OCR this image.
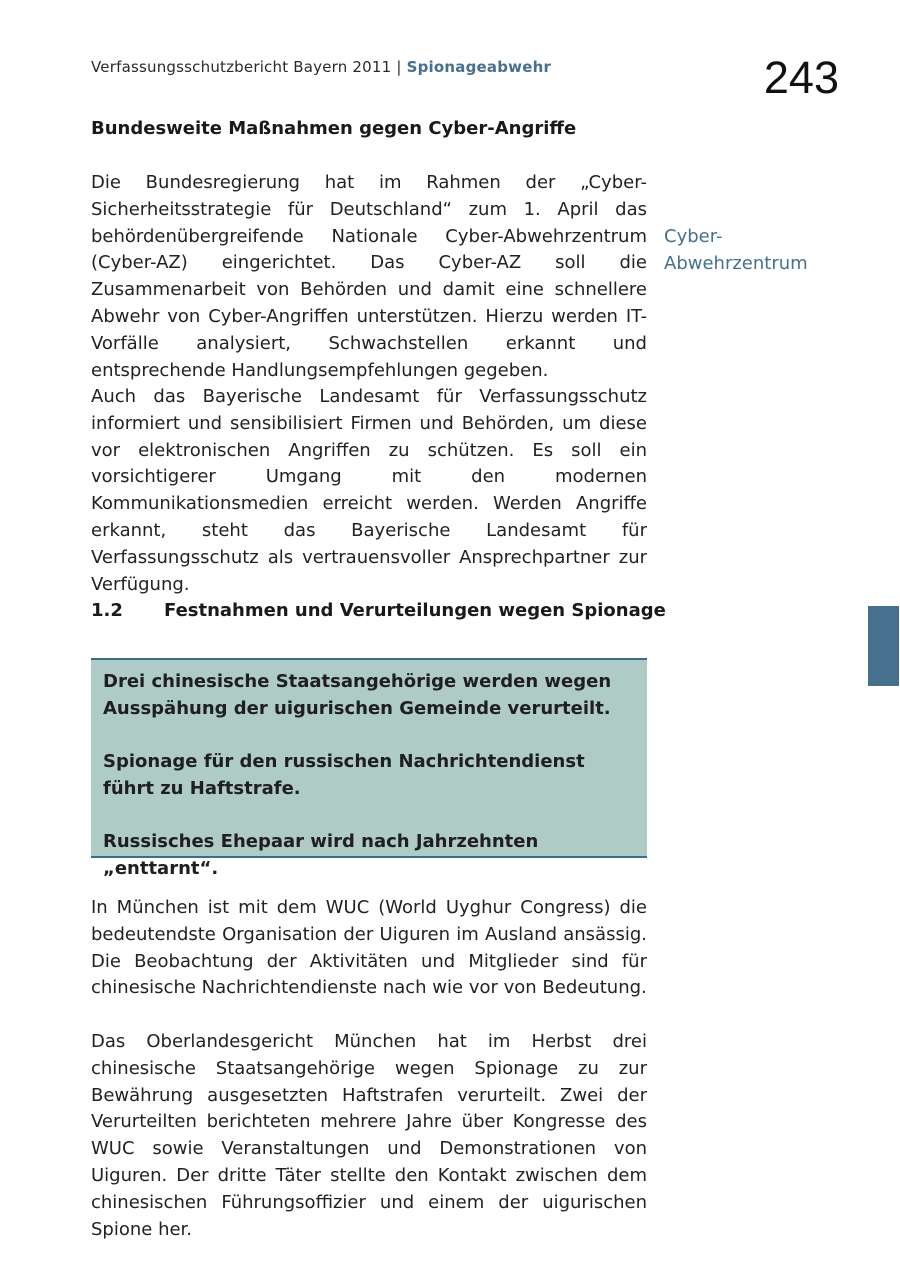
Verfassungsschutzbericht Bayern 2011 | Spionageabwehr	243
Bundesweite Maßnahmen gegen Cyber-Angriffe

Die Bundesregierung hat im Rahmen der „Cyber-Sicherheitsstrategie für Deutschland“ zum 1. April das behördenübergreifende Nationale Cyber-Abwehrzentrum (Cyber-AZ) eingerichtet. Das Cyber-AZ soll die Zusammenarbeit von Behörden und damit eine schnellere Abwehr von Cyber-Angriffen unterstützen. Hierzu werden IT-Vorfälle analysiert, Schwachstellen erkannt und entsprechende Handlungsempfehlungen gegeben.

Cyber-Abwehrzentrum

Auch das Bayerische Landesamt für Verfassungsschutz informiert und sensibilisiert Firmen und Behörden, um diese vor elektronischen Angriffen zu schützen. Es soll ein vorsichtigerer Umgang mit den modernen Kommunikationsmedien erreicht werden. Werden Angriffe erkannt, steht das Bayerische Landesamt für Verfassungsschutz als vertrauensvoller Ansprechpartner zur Verfügung.

1.2 Festnahmen und Verurteilungen wegen Spionage

Drei chinesische Staatsangehörige werden wegen Ausspähung der uigurischen Gemeinde verurteilt.

Spionage für den russischen Nachrichtendienst führt zu Haftstrafe.

Russisches Ehepaar wird nach Jahrzehnten „enttarnt“.

In München ist mit dem WUC (World Uyghur Congress) die bedeutendste Organisation der Uiguren im Ausland ansässig. Die Beobachtung der Aktivitäten und Mitglieder sind für chinesische Nachrichtendienste nach wie vor von Bedeutung.

Das Oberlandesgericht München hat im Herbst drei chinesische Staatsangehörige wegen Spionage zu zur Bewährung ausgesetzten Haftstrafen verurteilt. Zwei der Verurteilten berichteten mehrere Jahre über Kongresse des WUC sowie Veranstaltungen und Demonstrationen von Uiguren. Der dritte Täter stellte den Kontakt zwischen dem chinesischen Führungsoffizier und einem der uigurischen Spione her.
